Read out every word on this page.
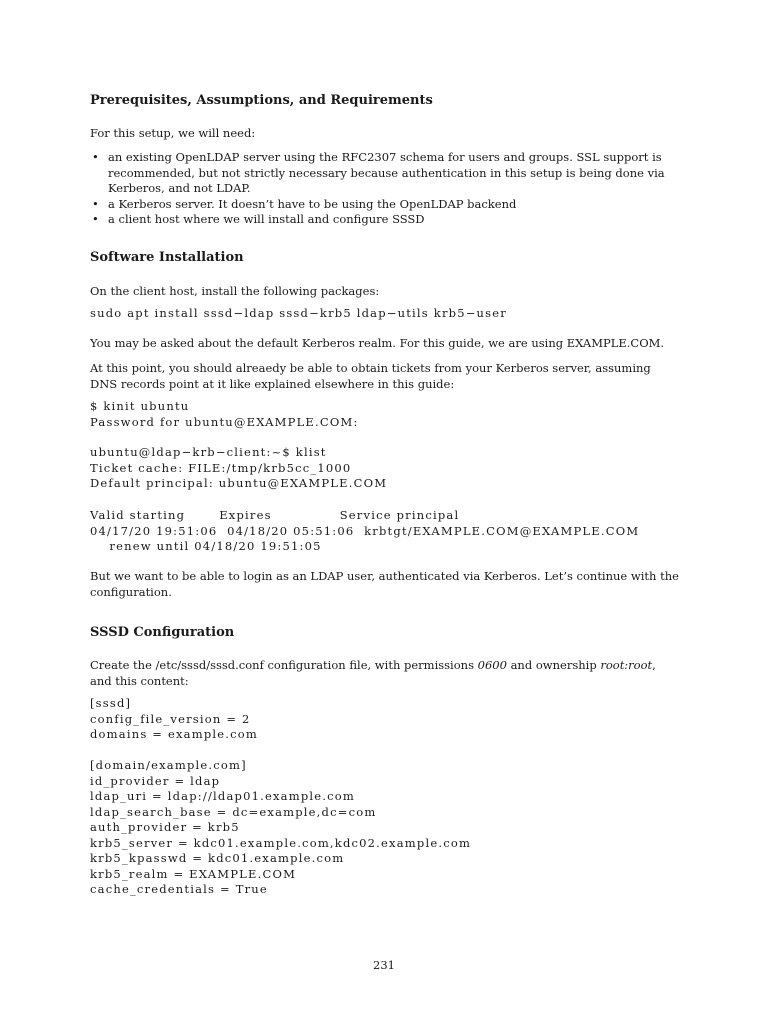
Prerequisites, Assumptions, and Requirements

For this setup, we will need:

• an existing OpenLDAP server using the RFC2307 schema for users and groups. SSL support is recommended, but not strictly necessary because authentication in this setup is being done via Kerberos, and not LDAP.
• a Kerberos server. It doesn’t have to be using the OpenLDAP backend
• a client host where we will install and configure SSSD
Software Installation

On the client host, install the following packages:

sudo apt install sssd−ldap sssd−krb5 ldap−utils krb5−user

You may be asked about the default Kerberos realm. For this guide, we are using EXAMPLE.COM.

At this point, you should alreaedy be able to obtain tickets from your Kerberos server, assuming DNS records point at it like explained elsewhere in this guide:

$ kinit ubuntu
Password for ubuntu@EXAMPLE.COM:
ubuntu@ldap−krb−client:~$ klist
Ticket cache: FILE:/tmp/krb5cc_1000
Default principal: ubuntu@EXAMPLE.COM
Valid starting       Expires              Service principal
04/17/20 19:51:06  04/18/20 05:51:06  krbtgt/EXAMPLE.COM@EXAMPLE.COM
renew until 04/18/20 19:51:05

But we want to be able to login as an LDAP user, authenticated via Kerberos. Let’s continue with the configuration.

SSSD Configuration

Create the /etc/sssd/sssd.conf configuration file, with permissions 0600 and ownership root:root, and this content:

[sssd]
config_file_version = 2
domains = example.com

[domain/example.com]
id_provider = ldap
ldap_uri = ldap://ldap01.example.com
ldap_search_base = dc=example,dc=com
auth_provider = krb5
krb5_server = kdc01.example.com,kdc02.example.com
krb5_kpasswd = kdc01.example.com
krb5_realm = EXAMPLE.COM
cache_credentials = True
231
